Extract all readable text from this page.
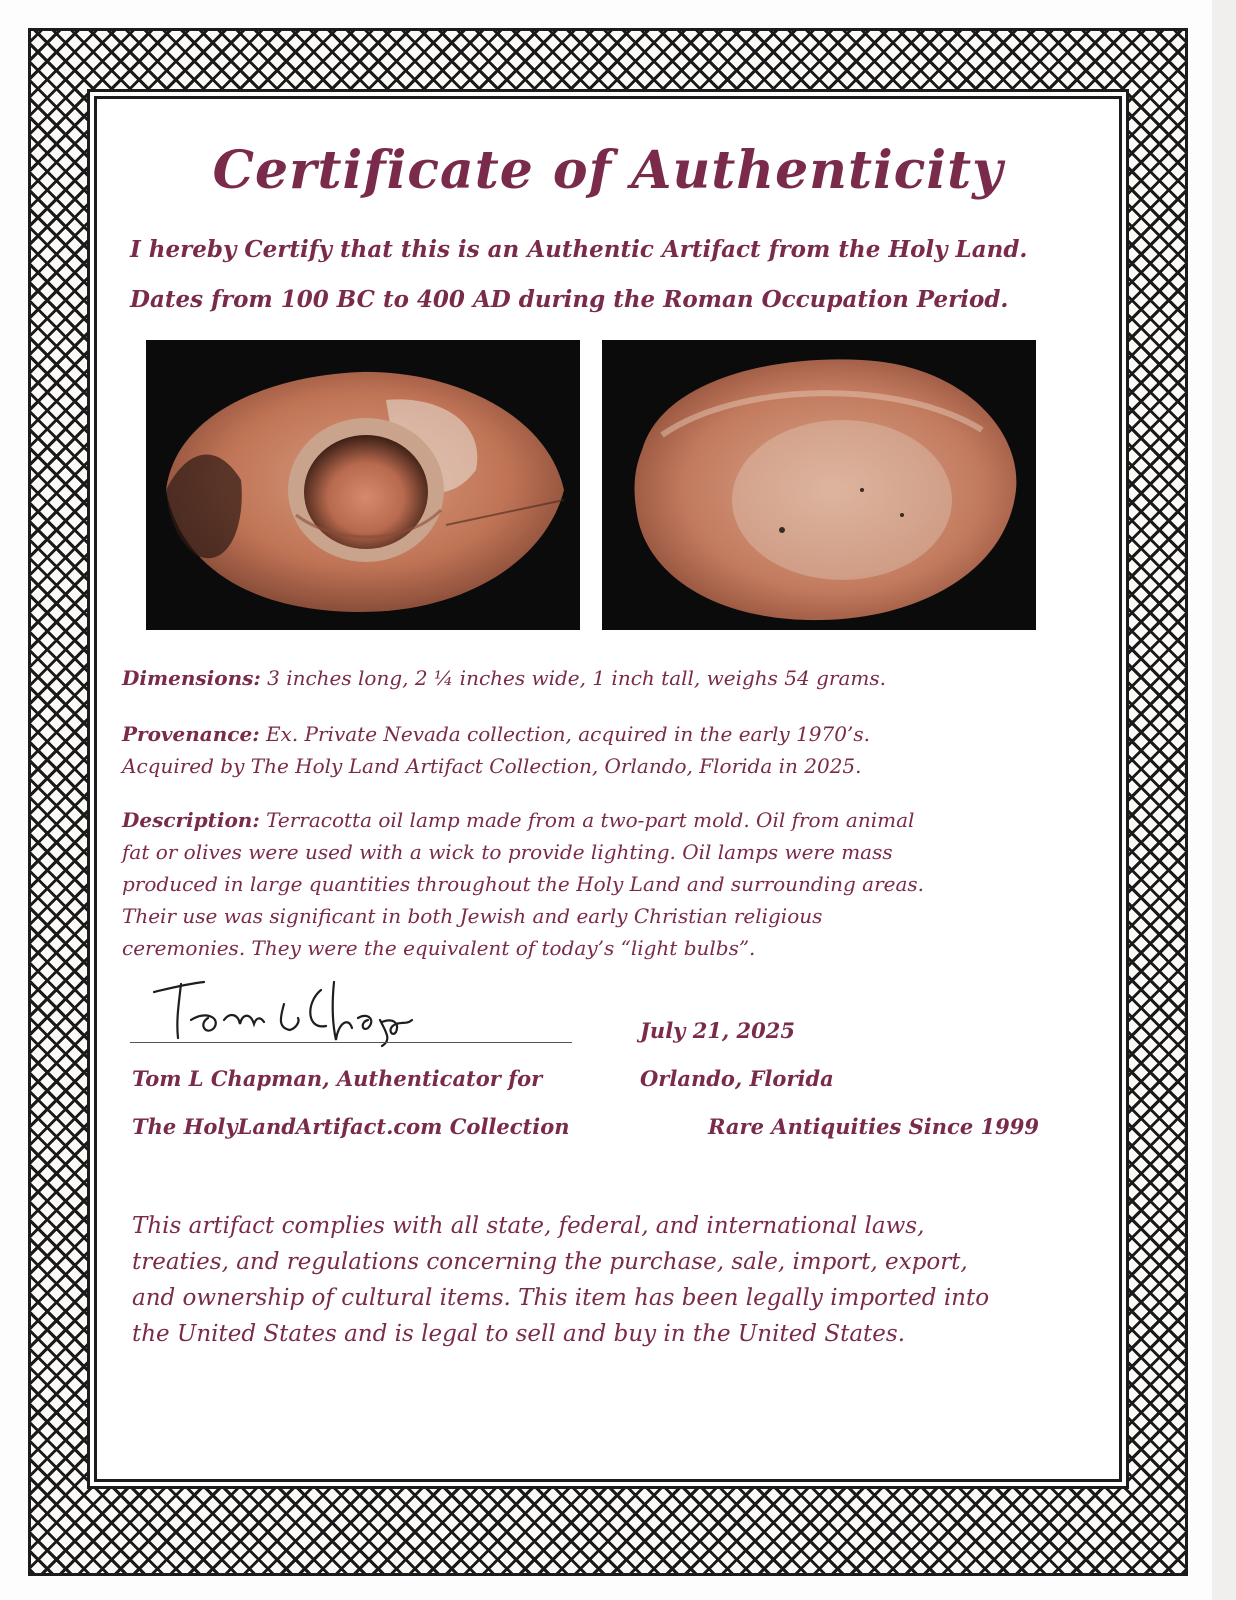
Certificate of Authenticity
I hereby Certify that this is an Authentic Artifact from the Holy Land.
Dates from 100 BC to 400 AD during the Roman Occupation Period.
Dimensions: 3 inches long, 2 ¼ inches wide, 1 inch tall, weighs 54 grams.
Provenance: Ex. Private Nevada collection, acquired in the early 1970’s.
Acquired by The Holy Land Artifact Collection, Orlando, Florida in 2025.
Description: Terracotta oil lamp made from a two-part mold. Oil from animal
fat or olives were used with a wick to provide lighting. Oil lamps were mass
produced in large quantities throughout the Holy Land and surrounding areas.
Their use was significant in both Jewish and early Christian religious
ceremonies. They were the equivalent of today’s “light bulbs”.
July 21, 2025
Tom L Chapman, Authenticator for	Orlando, Florida
The HolyLandArtifact.com Collection	Rare Antiquities Since 1999
This artifact complies with all state, federal, and international laws,
treaties, and regulations concerning the purchase, sale, import, export,
and ownership of cultural items. This item has been legally imported into
the United States and is legal to sell and buy in the United States.
